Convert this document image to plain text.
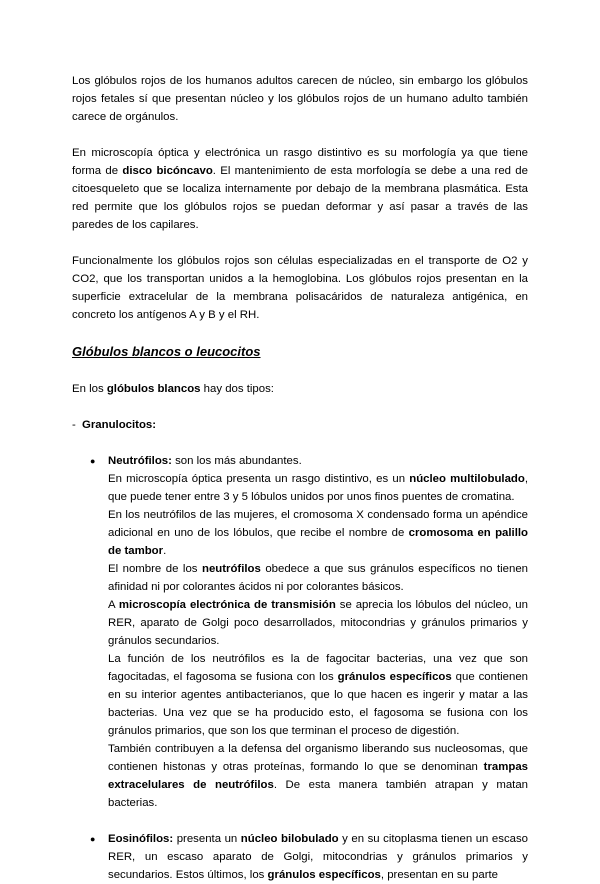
Los glóbulos rojos de los humanos adultos carecen de núcleo, sin embargo los glóbulos rojos fetales sí que presentan núcleo y los glóbulos rojos de un humano adulto también carece de orgánulos.

En microscopía óptica y electrónica un rasgo distintivo es su morfología ya que tiene forma de disco bicóncavo. El mantenimiento de esta morfología se debe a una red de citoesqueleto que se localiza internamente por debajo de la membrana plasmática. Esta red permite que los glóbulos rojos se puedan deformar y así pasar a través de las paredes de los capilares.

Funcionalmente los glóbulos rojos son células especializadas en el transporte de O2 y CO2, que los transportan unidos a la hemoglobina. Los glóbulos rojos presentan en la superficie extracelular de la membrana polisacáridos de naturaleza antigénica, en concreto los antígenos A y B y el RH.

Glóbulos blancos o leucocitos

En los glóbulos blancos hay dos tipos:

- Granulocitos:

● Neutrófilos: son los más abundantes.
En microscopía óptica presenta un rasgo distintivo, es un núcleo multilobulado, que puede tener entre 3 y 5 lóbulos unidos por unos finos puentes de cromatina.
En los neutrófilos de las mujeres, el cromosoma X condensado forma un apéndice adicional en uno de los lóbulos, que recibe el nombre de cromosoma en palillo de tambor.
El nombre de los neutrófilos obedece a que sus gránulos específicos no tienen afinidad ni por colorantes ácidos ni por colorantes básicos.
A microscopía electrónica de transmisión se aprecia los lóbulos del núcleo, un RER, aparato de Golgi poco desarrollados, mitocondrias y gránulos primarios y gránulos secundarios.
La función de los neutrófilos es la de fagocitar bacterias, una vez que son fagocitadas, el fagosoma se fusiona con los gránulos específicos que contienen en su interior agentes antibacterianos, que lo que hacen es ingerir y matar a las bacterias. Una vez que se ha producido esto, el fagosoma se fusiona con los gránulos primarios, que son los que terminan el proceso de digestión.
También contribuyen a la defensa del organismo liberando sus nucleosomas, que contienen histonas y otras proteínas, formando lo que se denominan trampas extracelulares de neutrófilos. De esta manera también atrapan y matan bacterias.
● Eosinófilos: presenta un núcleo bilobulado y en su citoplasma tienen un escaso RER, un escaso aparato de Golgi, mitocondrias y gránulos primarios y secundarios. Estos últimos, los gránulos específicos, presentan en su parte
